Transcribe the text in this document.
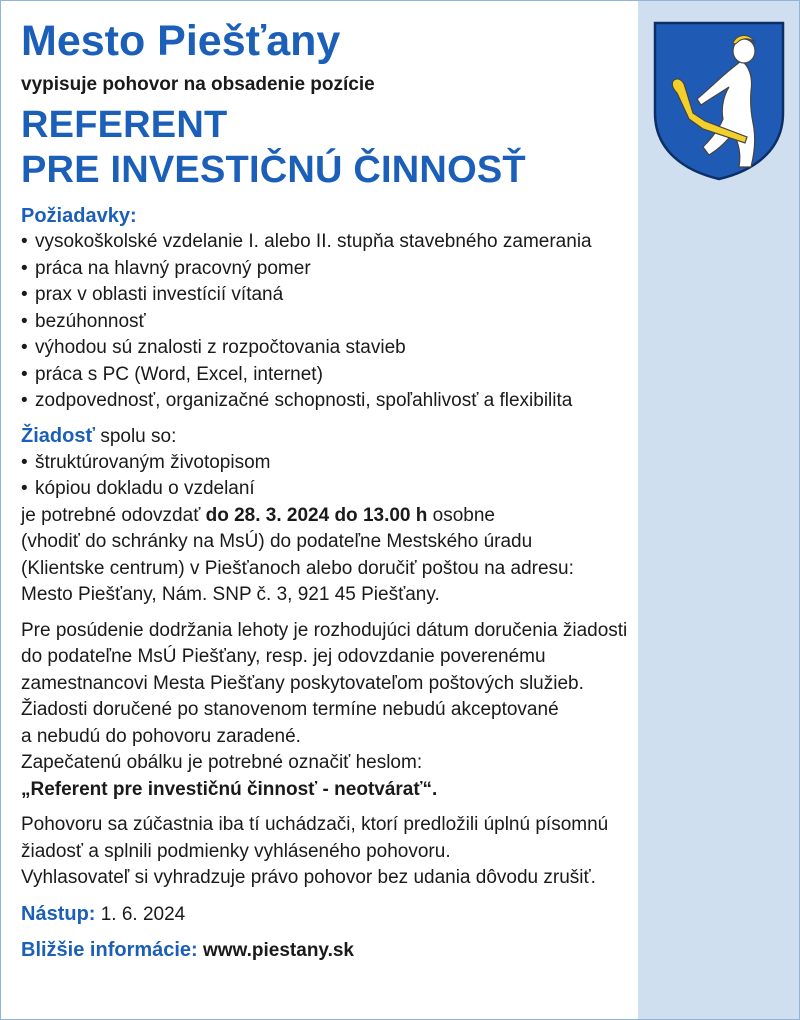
Mesto Piešťany

vypisuje pohovor na obsadenie pozície

REFERENT
PRE INVESTIČNÚ ČINNOSŤ
Požiadavky:
• vysokoškolské vzdelanie I. alebo II. stupňa stavebného zamerania
• práca na hlavný pracovný pomer
• prax v oblasti investícií vítaná
• bezúhonnosť
• výhodou sú znalosti z rozpočtovania stavieb
• práca s PC (Word, Excel, internet)
• zodpovednosť, organizačné schopnosti, spoľahlivosť a flexibilita
Žiadosť spolu so:
• štruktúrovaným životopisom
• kópiou dokladu o vzdelaní

je potrebné odovzdať do 28. 3. 2024 do 13.00 h osobne

(vhodiť do schránky na MsÚ) do podateľne Mestského úradu

(Klientske centrum) v Piešťanoch alebo doručiť poštou na adresu:

Mesto Piešťany, Nám. SNP č. 3, 921 45 Piešťany.

Pre posúdenie dodržania lehoty je rozhodujúci dátum doručenia žiadosti

do podateľne MsÚ Piešťany, resp. jej odovzdanie poverenému

zamestnancovi Mesta Piešťany poskytovateľom poštových služieb.

Žiadosti doručené po stanovenom termíne nebudú akceptované

a nebudú do pohovoru zaradené.

Zapečatenú obálku je potrebné označiť heslom:

„Referent pre investičnú činnosť - neotvárať“.

Pohovoru sa zúčastnia iba tí uchádzači, ktorí predložili úplnú písomnú

žiadosť a splnili podmienky vyhláseného pohovoru.

Vyhlasovateľ si vyhradzuje právo pohovor bez udania dôvodu zrušiť.

Nástup: 1. 6. 2024
Bližšie informácie: www.piestany.sk
